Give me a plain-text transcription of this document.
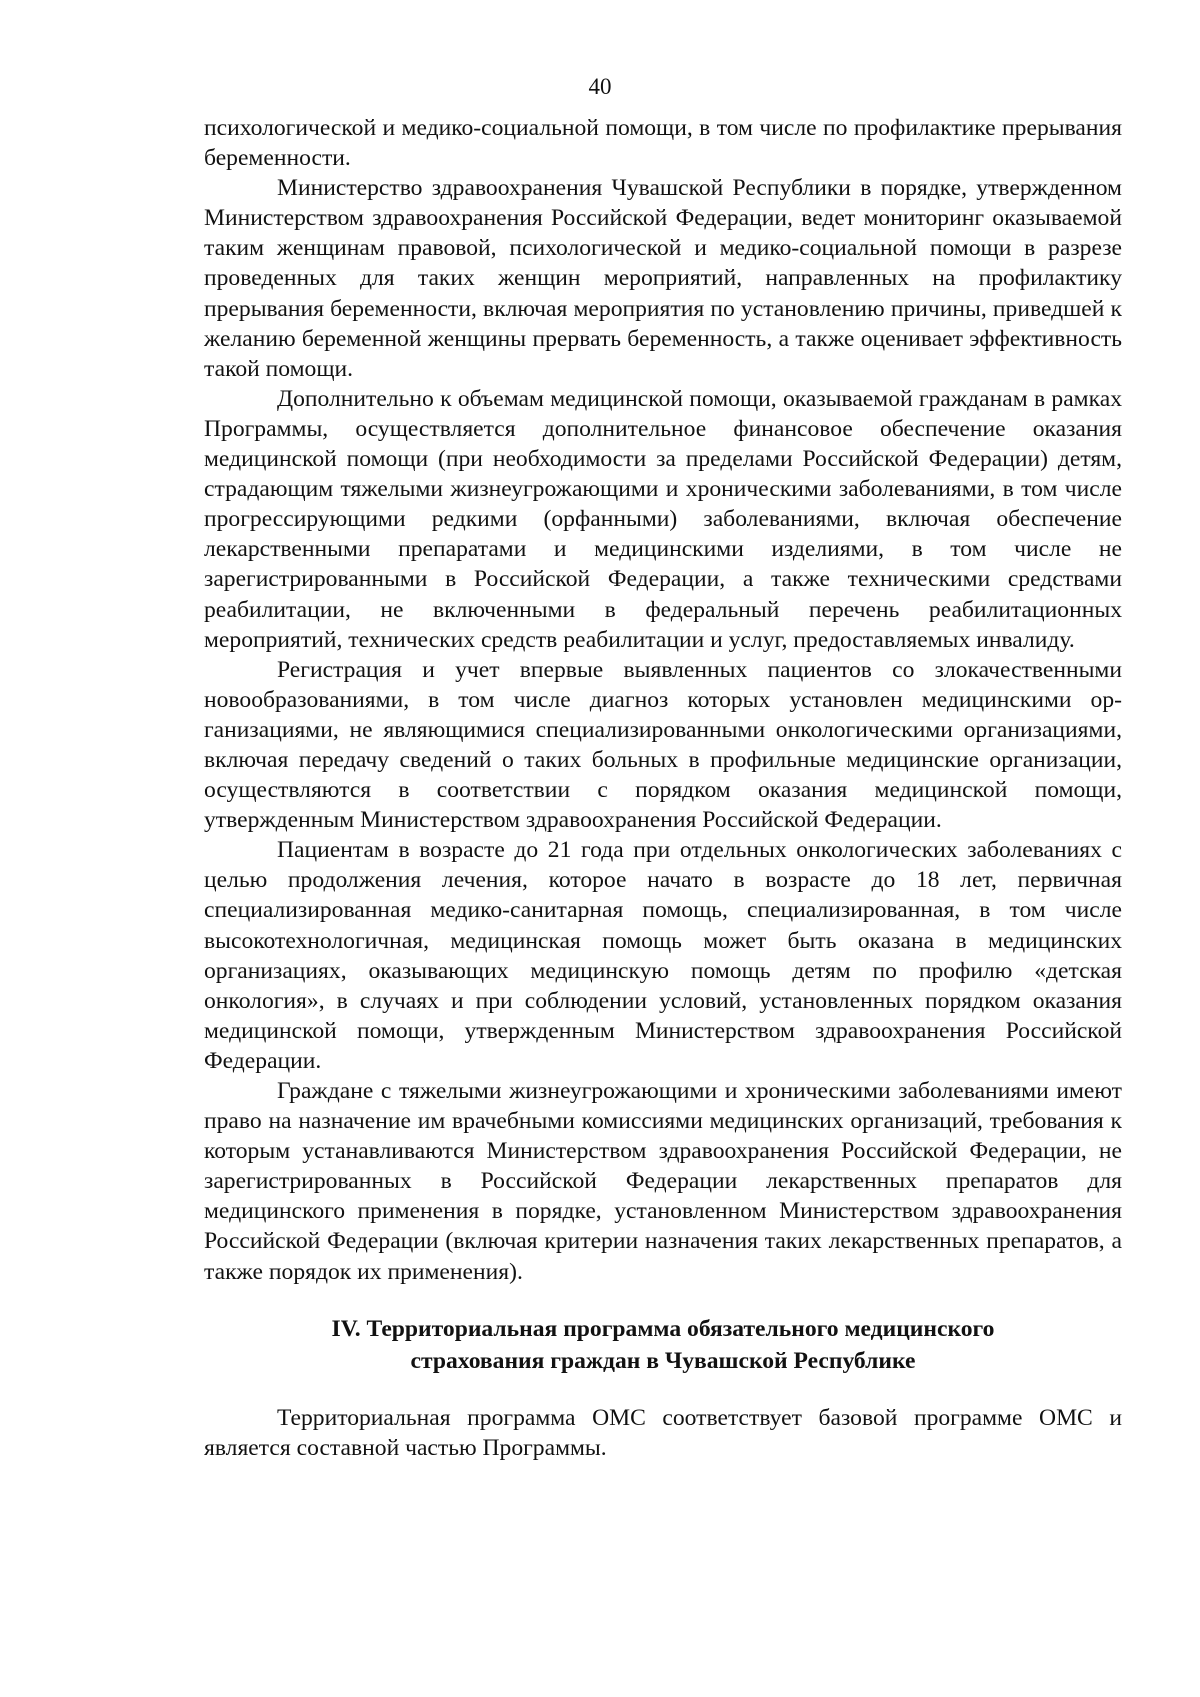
40

психологической и медико-социальной помощи, в том числе по профилактике прерывания беременности.

Министерство здравоохранения Чувашской Республики в порядке, утвержденном Министерством здравоохранения Российской Федерации, ведет мониторинг оказываемой таким женщинам правовой, психологической и медико-социальной помощи в разрезе проведенных для таких женщин мероприятий, направленных на профилактику прерывания беременности, включая мероприятия по установлению причины, приведшей к желанию беременной женщины прервать беременность, а также оценивает эффективность такой помощи.

Дополнительно к объемам медицинской помощи, оказываемой гражданам в рамках Программы, осуществляется дополнительное финансовое обеспечение оказания медицинской помощи (при необходимости за пределами Российской Федерации) детям, страдающим тяжелыми жизнеугрожающими и хроническими заболеваниями, в том числе прогрессирующими редкими (орфанными) заболеваниями, включая обеспечение лекарственными препаратами и медицинскими изделиями, в том числе не зарегистрированными в Российской Федерации, а также техническими средствами реабилитации, не включенными в федеральный перечень реабилитационных мероприятий, технических средств реабилитации и услуг, предоставляемых инвалиду.

Регистрация и учет впервые выявленных пациентов со злокачественными новообразованиями, в том числе диагноз которых установлен медицинскими организациями, не являющимися специализированными онкологическими организациями, включая передачу сведений о таких больных в профильные медицинские организации, осуществляются в соответствии с порядком оказания медицинской помощи, утвержденным Министерством здравоохранения Российской Федерации.

Пациентам в возрасте до 21 года при отдельных онкологических заболеваниях с целью продолжения лечения, которое начато в возрасте до 18 лет, первичная специализированная медико-санитарная помощь, специализированная, в том числе высокотехнологичная, медицинская помощь может быть оказана в медицинских организациях, оказывающих медицинскую помощь детям по профилю «детская онкология», в случаях и при соблюдении условий, установленных порядком оказания медицинской помощи, утвержденным Министерством здравоохранения Российской Федерации.

Граждане с тяжелыми жизнеугрожающими и хроническими заболеваниями имеют право на назначение им врачебными комиссиями медицинских организаций, требования к которым устанавливаются Министерством здравоохранения Российской Федерации, не зарегистрированных в Российской Федерации лекарственных препаратов для медицинского применения в порядке, установленном Министерством здравоохранения Российской Федерации (включая критерии назначения таких лекарственных препаратов, а также порядок их применения).

IV. Территориальная программа обязательного медицинского
страхования граждан в Чувашской Республике

Территориальная программа ОМС соответствует базовой программе ОМС и является составной частью Программы.
